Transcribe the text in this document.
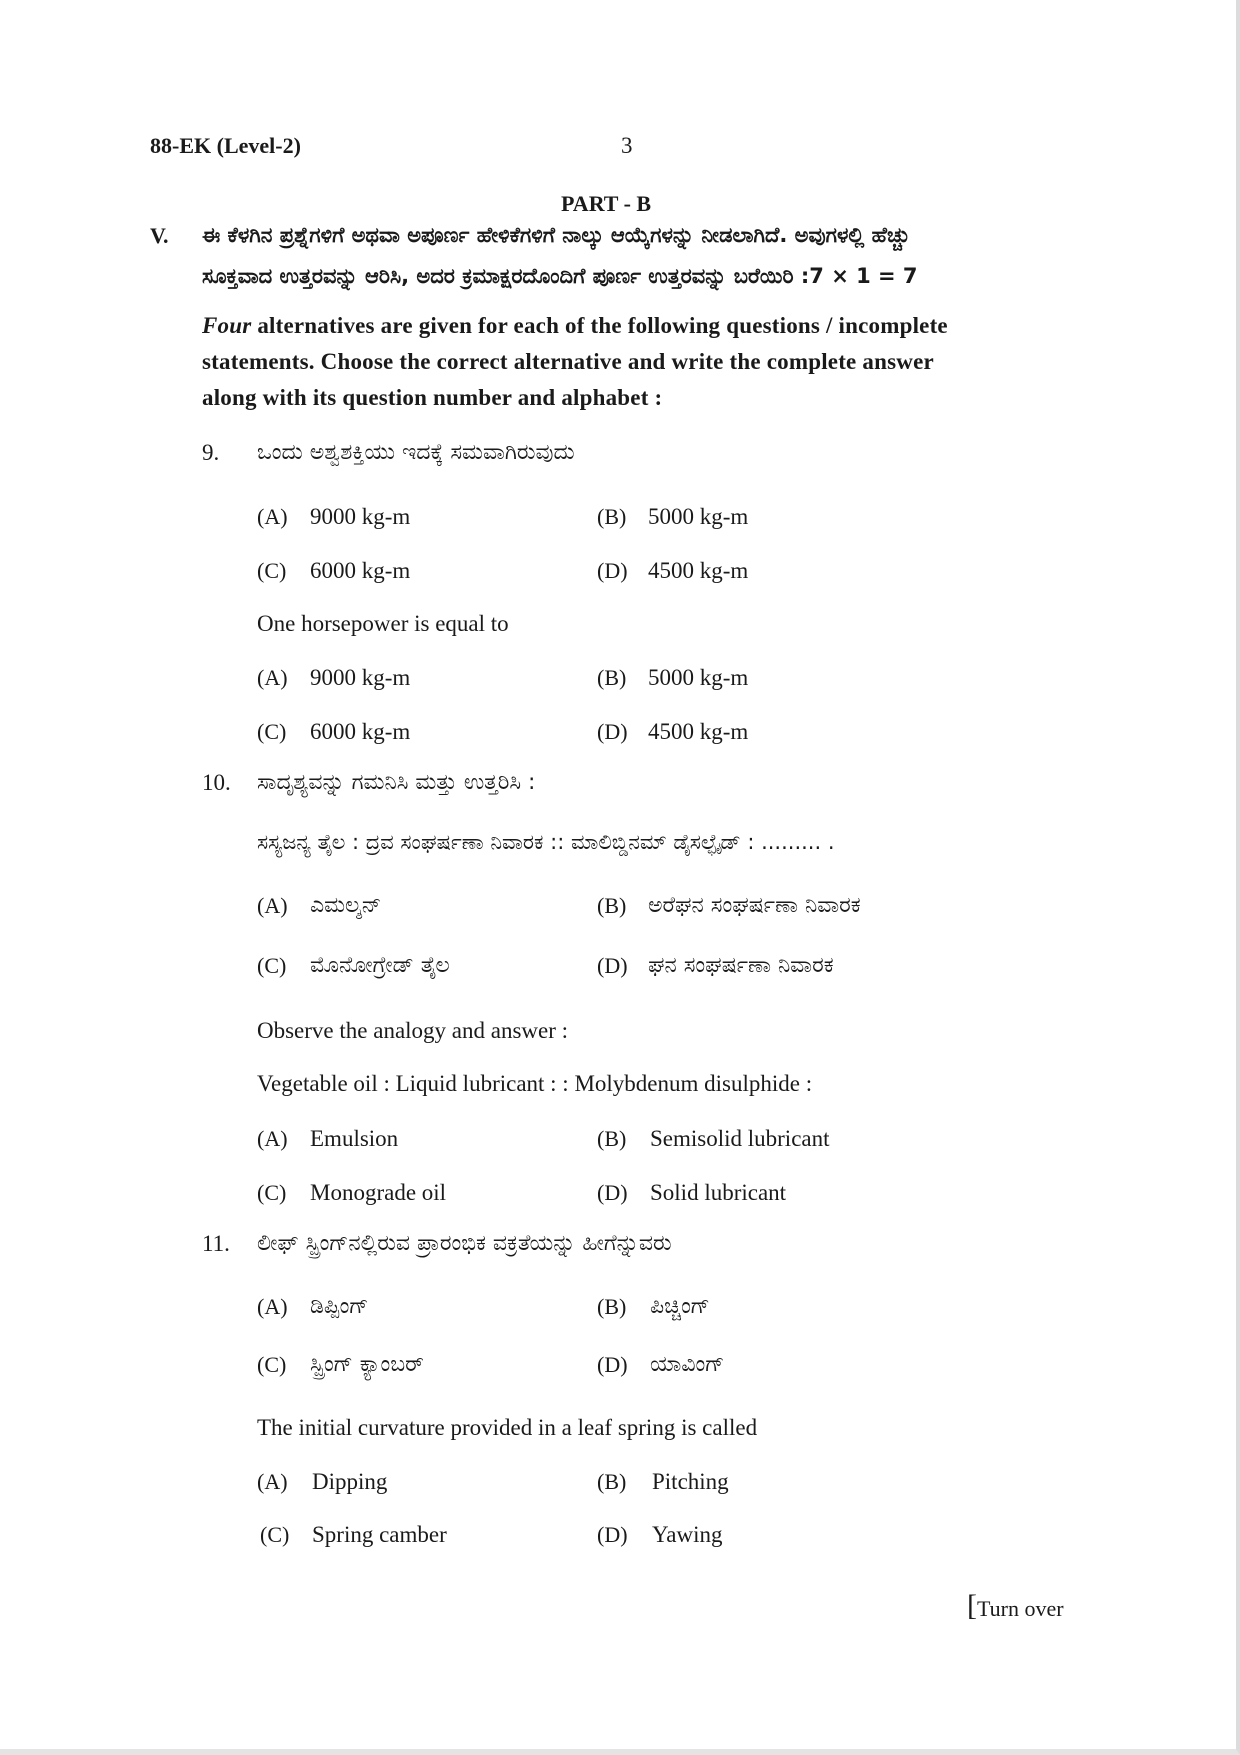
88-EK (Level-2)	3
PART - B
V. ಈ ಕೆಳಗಿನ ಪ್ರಶ್ನೆಗಳಿಗೆ ಅಥವಾ ಅಪೂರ್ಣ ಹೇಳಿಕೆಗಳಿಗೆ ನಾಲ್ಕು ಆಯ್ಕೆಗಳನ್ನು ನೀಡಲಾಗಿದೆ. ಅವುಗಳಲ್ಲಿ ಹೆಚ್ಚು
ಸೂಕ್ತವಾದ ಉತ್ತರವನ್ನು ಆರಿಸಿ, ಅದರ ಕ್ರಮಾಕ್ಷರದೊಂದಿಗೆ ಪೂರ್ಣ ಉತ್ತರವನ್ನು ಬರೆಯಿರಿ :7 × 1 = 7
Four alternatives are given for each of the following questions / incomplete
statements. Choose the correct alternative and write the complete answer
along with its question number and alphabet :
9. ಒಂದು ಅಶ್ವಶಕ್ತಿಯು ಇದಕ್ಕೆ ಸಮವಾಗಿರುವುದು
(A) 9000 kg-m	(B) 5000 kg-m
(C) 6000 kg-m	(D) 4500 kg-m
One horsepower is equal to
(A) 9000 kg-m	(B) 5000 kg-m
(C) 6000 kg-m	(D) 4500 kg-m
10. ಸಾದೃಶ್ಯವನ್ನು ಗಮನಿಸಿ ಮತ್ತು ಉತ್ತರಿಸಿ :
ಸಸ್ಯಜನ್ಯ ತೈಲ : ದ್ರವ ಸಂಘರ್ಷಣಾ ನಿವಾರಕ :: ಮಾಲಿಬ್ಡಿನಮ್ ಡೈಸಲ್ಫೈಡ್ : ......... .
(A) ಎಮಲ್ಶನ್	(B) ಅರೆಘನ ಸಂಘರ್ಷಣಾ ನಿವಾರಕ
(C) ಮೊನೋಗ್ರೇಡ್ ತೈಲ	(D) ಘನ ಸಂಘರ್ಷಣಾ ನಿವಾರಕ
Observe the analogy and answer :
Vegetable oil : Liquid lubricant : : Molybdenum disulphide :
(A) Emulsion	(B) Semisolid lubricant
(C) Monograde oil	(D) Solid lubricant
11. ಲೀಫ್ ಸ್ಪ್ರಿಂಗ್‌ನಲ್ಲಿರುವ ಪ್ರಾರಂಭಿಕ ವಕ್ರತೆಯನ್ನು ಹೀಗೆನ್ನುವರು
(A) ಡಿಪ್ಪಿಂಗ್	(B) ಪಿಚ್ಚಿಂಗ್
(C) ಸ್ಪ್ರಿಂಗ್ ಕ್ಯಾಂಬರ್	(D) ಯಾವಿಂಗ್
The initial curvature provided in a leaf spring is called
(A) Dipping	(B) Pitching
(C) Spring camber	(D) Yawing
[ Turn over
